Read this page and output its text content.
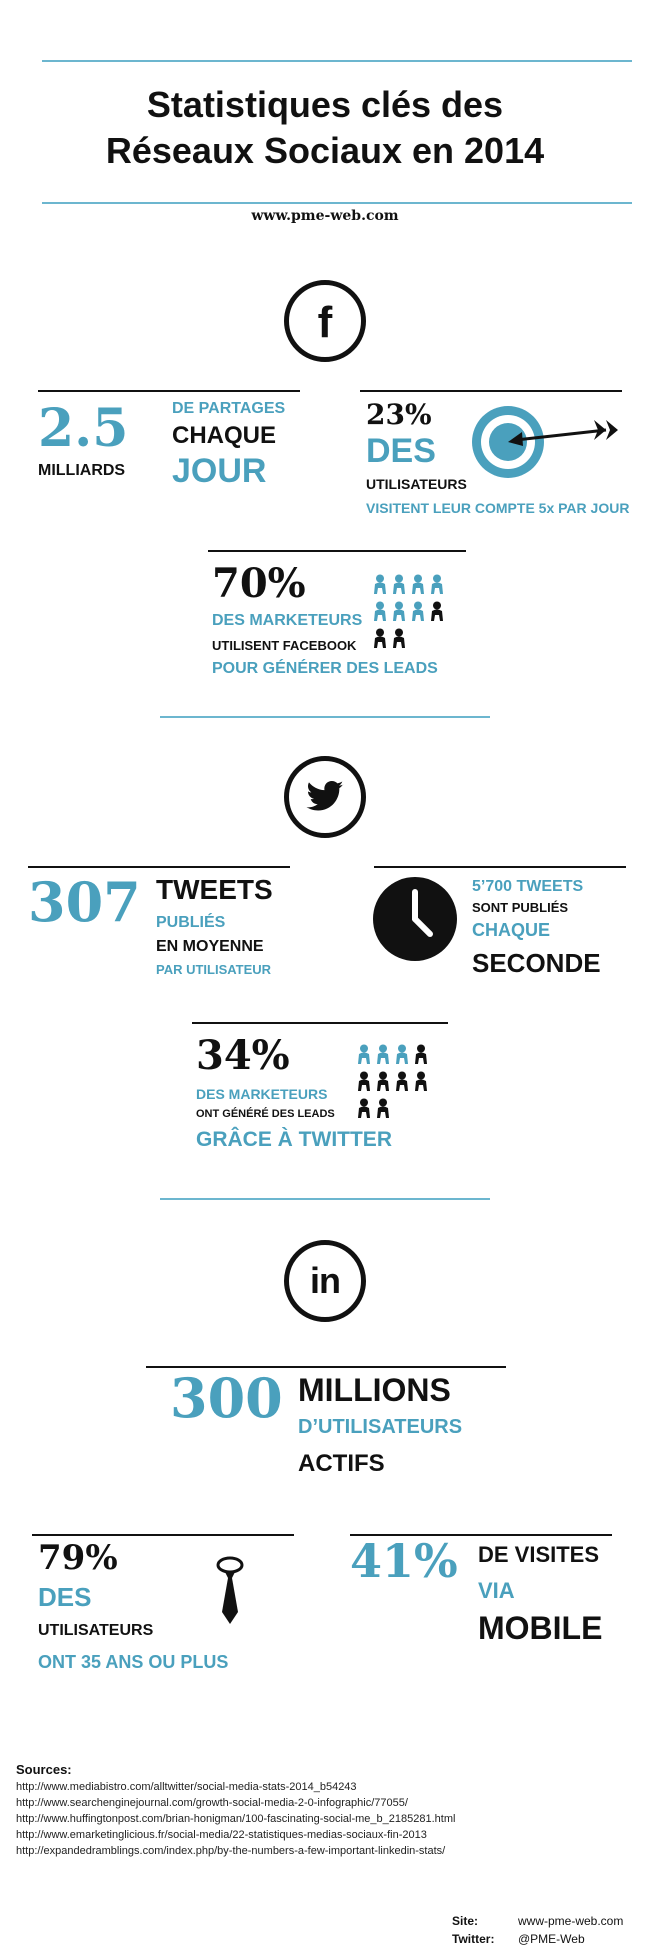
Statistiques clés des
Réseaux Sociaux en 2014
www.pme-web.com
f
2.5
MILLIARDS
DE PARTAGES
CHAQUE
JOUR
23%
DES
UTILISATEURS
VISITENT LEUR COMPTE 5x PAR JOUR
70%
DES MARKETEURS
UTILISENT FACEBOOK
POUR GÉNÉRER DES LEADS
307 TWEETS
PUBLIÉS
EN MOYENNE
PAR UTILISATEUR
5’700 TWEETS
SONT PUBLIÉS
CHAQUE
SECONDE
34%
DES MARKETEURS
ONT GÉNÉRÉ DES LEADS
GRÂCE À TWITTER
in
300 MILLIONS
D’UTILISATEURS
ACTIFS
79%
DES
UTILISATEURS
ONT 35 ANS OU PLUS
41% DE VISITES
VIA
MOBILE
Sources:
http://www.mediabistro.com/alltwitter/social-media-stats-2014_b54243
http://www.searchenginejournal.com/growth-social-media-2-0-infographic/77055/
http://www.huffingtonpost.com/brian-honigman/100-fascinating-social-me_b_2185281.html
http://www.emarketinglicious.fr/social-media/22-statistiques-medias-sociaux-fin-2013
http://expandedramblings.com/index.php/by-the-numbers-a-few-important-linkedin-stats/
Site:	www-pme-web.com
Twitter: @PME-Web
